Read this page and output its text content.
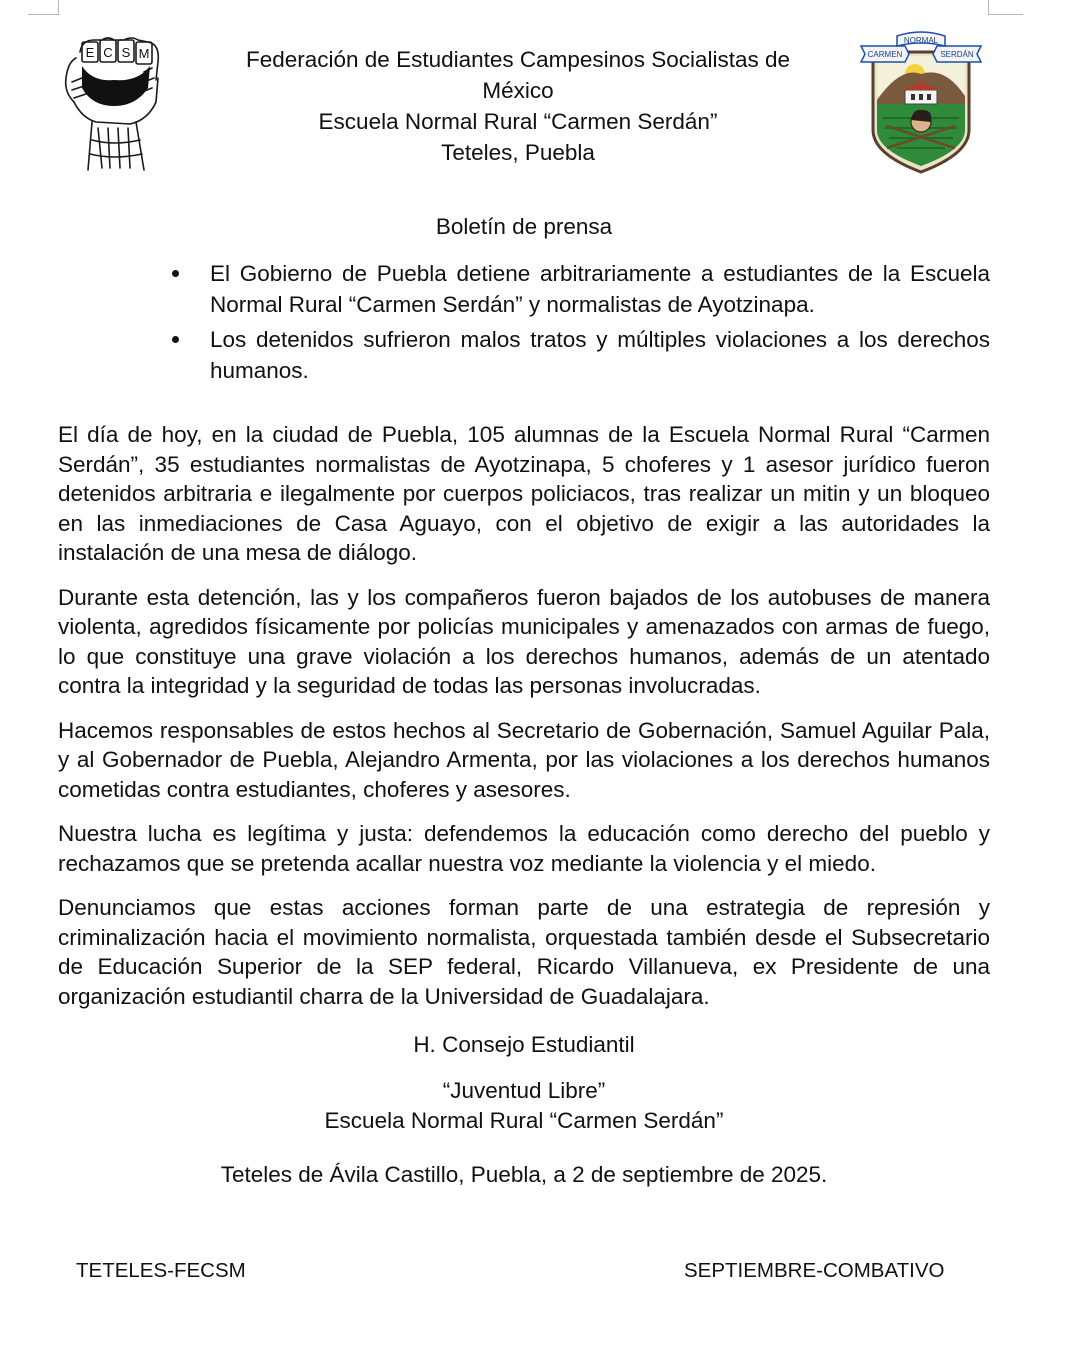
E C S M	CARMEN
NORMAL
SERDÁN
Federación de Estudiantes Campesinos Socialistas de
México
Escuela Normal Rural “Carmen Serdán”
Teteles, Puebla
Boletín de prensa
El Gobierno de Puebla detiene arbitrariamente a estudiantes de la Escuela Normal Rural “Carmen Serdán” y normalistas de Ayotzinapa.
Los detenidos sufrieron malos tratos y múltiples violaciones a los derechos humanos.

El día de hoy, en la ciudad de Puebla, 105 alumnas de la Escuela Normal Rural “Carmen Serdán”, 35 estudiantes normalistas de Ayotzinapa, 5 choferes y 1 asesor jurídico fueron detenidos arbitraria e ilegalmente por cuerpos policiacos, tras realizar un mitin y un bloqueo en las inmediaciones de Casa Aguayo, con el objetivo de exigir a las autoridades la instalación de una mesa de diálogo.

Durante esta detención, las y los compañeros fueron bajados de los autobuses de manera violenta, agredidos físicamente por policías municipales y amenazados con armas de fuego, lo que constituye una grave violación a los derechos humanos, además de un atentado contra la integridad y la seguridad de todas las personas involucradas.

Hacemos responsables de estos hechos al Secretario de Gobernación, Samuel Aguilar Pala, y al Gobernador de Puebla, Alejandro Armenta, por las violaciones a los derechos humanos cometidas contra estudiantes, choferes y asesores.

Nuestra lucha es legítima y justa: defendemos la educación como derecho del pueblo y rechazamos que se pretenda acallar nuestra voz mediante la violencia y el miedo.

Denunciamos que estas acciones forman parte de una estrategia de represión y criminalización hacia el movimiento normalista, orquestada también desde el Subsecretario de Educación Superior de la SEP federal, Ricardo Villanueva, ex Presidente de una organización estudiantil charra de la Universidad de Guadalajara.

H. Consejo Estudiantil
“Juventud Libre”
Escuela Normal Rural “Carmen Serdán”
Teteles de Ávila Castillo, Puebla, a 2 de septiembre de 2025.
TETELES-FECSM	SEPTIEMBRE-COMBATIVO
